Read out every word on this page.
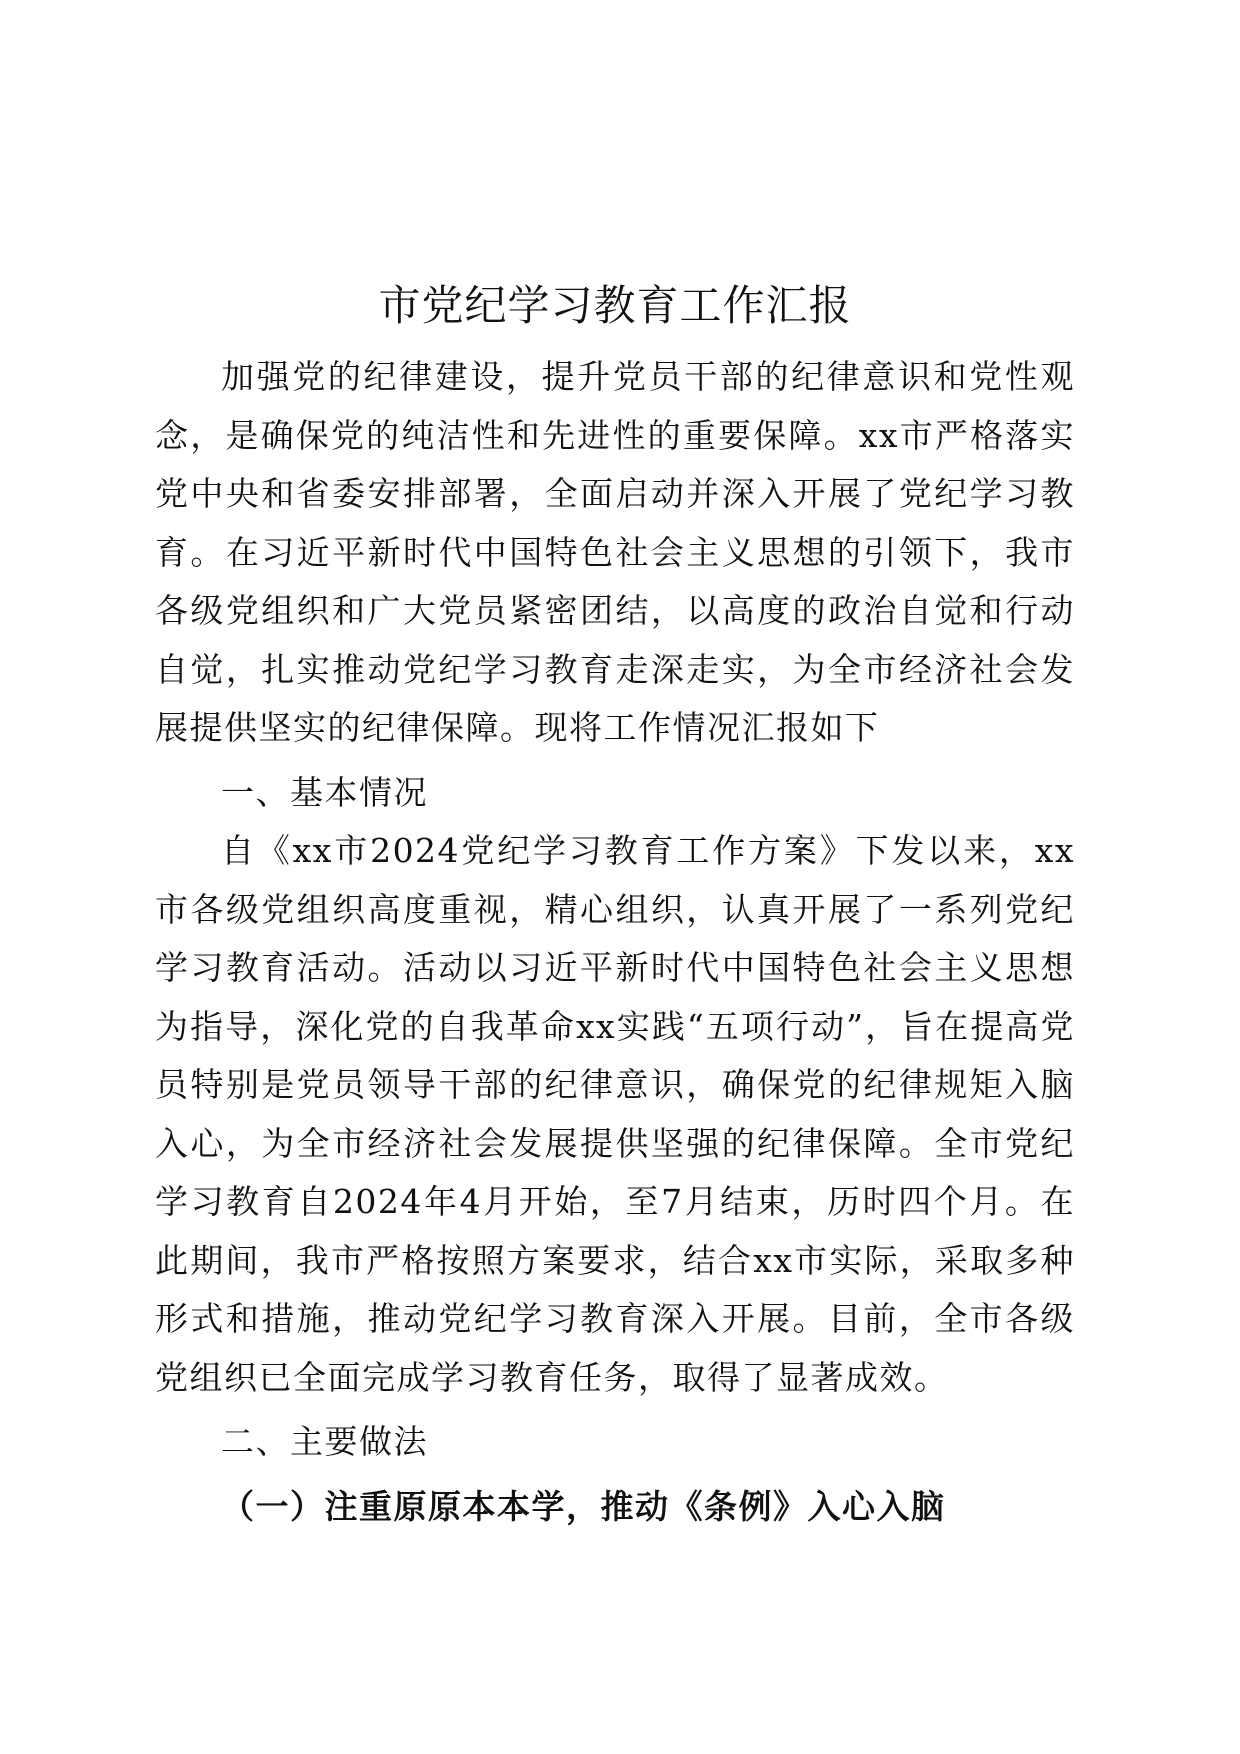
市党纪学习教育工作汇报

加强党的纪律建设，提升党员干部的纪律意识和党性观念，是确保党的纯洁性和先进性的重要保障。xx市严格落实党中央和省委安排部署，全面启动并深入开展了党纪学习教育。在习近平新时代中国特色社会主义思想的引领下，我市各级党组织和广大党员紧密团结，以高度的政治自觉和行动自觉，扎实推动党纪学习教育走深走实，为全市经济社会发展提供坚实的纪律保障。现将工作情况汇报如下

一、基本情况

自《xx市2024党纪学习教育工作方案》下发以来，xx市各级党组织高度重视，精心组织，认真开展了一系列党纪学习教育活动。活动以习近平新时代中国特色社会主义思想为指导，深化党的自我革命xx实践“五项行动”，旨在提高党员特别是党员领导干部的纪律意识，确保党的纪律规矩入脑入心，为全市经济社会发展提供坚强的纪律保障。全市党纪学习教育自2024年4月开始，至7月结束，历时四个月。在此期间，我市严格按照方案要求，结合xx市实际，采取多种形式和措施，推动党纪学习教育深入开展。目前，全市各级党组织已全面完成学习教育任务，取得了显著成效。

二、主要做法

（一）注重原原本本学，推动《条例》入心入脑
